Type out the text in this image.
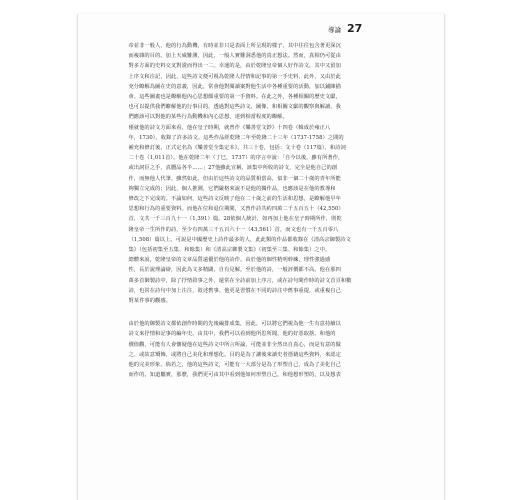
導論 27
帝並非一般人，他的行為動機，有時並非只是表面上所呈現的樣子，其中往往包含著更深沉
而複雜的目的。加上天威難測，因此，一般人實難洞悉他的真正想法。然而，真相仍可從由
對多方面的史料交叉對證而得出一二。幸運的是，由於乾隆皇帝個人好作詩文，其中又留加
上序文和注記，因此，這些詩文便可視為乾隆人抒情和記事的第一手史料，此外，又由於此
充分瞭解為圖在史的意義，因此，常會他對閱讀案對他生活中各種重要的活動，加以鋪陳描
會。這些圖畫也是瞭解他內心思想頗重要的第一手資料。在此之外，各種相關的歷史文獻，
也可以提供我們瞭解他的行事目的，透過對這些詩文、圖像、和相關文獻的觀察與解讀，我
們應該可以對他的某些行為動機和內心思想，達到相當程度的瞭解。
僅就他的詩文方面來看，他在皇子時期，就曾作《樂善堂文鈔》十四卷（輯成於雍正八
年，1730），收錄了許多詩文。這些作品經乾隆二年至乾隆二十三年（1737-1758）之間的
補充和修訂後，正式定名為《樂善堂全集定本》，共三十卷，包括：文十卷（117篇），和詩詞
二十卷（1,011首）。他在乾隆二年（丁巳，1737）的序言中說：「自今以後，雖有所著作，
或出詞臣之手，真贗品各半……」27他雖此宣稱，該集中所收的詩文，完全是他自己的創
作，而無他人代筆。雖然如此，但由於這些詩文的品質相當高，似非一個二十歲的青年所能
夠獨立完成的；因此，個人推測，它們嚴格來說不是他的獨作品，也應該是在他的教導和
修改之下完成的。不論如何，這些詩文反映了他在二十歲之前的生活和思想，是瞭解他早年
思想和行為的重要資料。而他在位和退位期間，又曾作詩共約四萬二千五百五十（42,550）
首，文共一千三百九十一（1,391）篇。28依個人統計，如再加上他在皇子時期所作，則乾
隆皇帝一生所作的詩，至少有四萬三千五百六十一（43,561）首，而文也有一千五百零八
（1,508）篇以上。可說是中國歷史上詩作最多的人，此此類的作品都收錄在《清高宗御製詩文
集》（包括初集至五集、和餘集）和《清高宗御製文集》（初集至三集、和餘集）之中。
總體來說，乾隆皇帝的文章品質遠優於他的詩作。由於他的個性精明幹練，理性強過感
性，長於說理論辯，因此為文多精闢，自有見解。至於他的詩，一般評價都不高。他在那四
萬多首御製詩中，除了抒情敘事之外，還常在全詩前加上序言，或在詩句間作時的詩文首頁和數
詩，也常在詩句中加上注注，敘述舊事。他更是習慣在不同的詩注中舊事重提，或重複自己
對某件事的觀感。
由於他的御製詩文都依創作時間的先後編排成集，因此，可以將它們視為他一生有意持續以
詩文來抒情和記事的編年史。由其中，我們可以看到他所思所聞，他的好惡取捨、和他的
價值觀，可能有人會懷疑他在這些詩文中所言所論，可能並非全然出自真心，而是有意的做
之、或故意矯飾，或將自己美化和理想化。目的是為了讓後來讀史者憑藉這些資料，來認定
他的完美形象。倘若之，他的這些詩文，可能有一大部分是為了形塑自己，成為了美化自己
而作的。知道屬實，那麼，我們更可由其中看到他如何形塑自己，和他想形塑的，以及想表
